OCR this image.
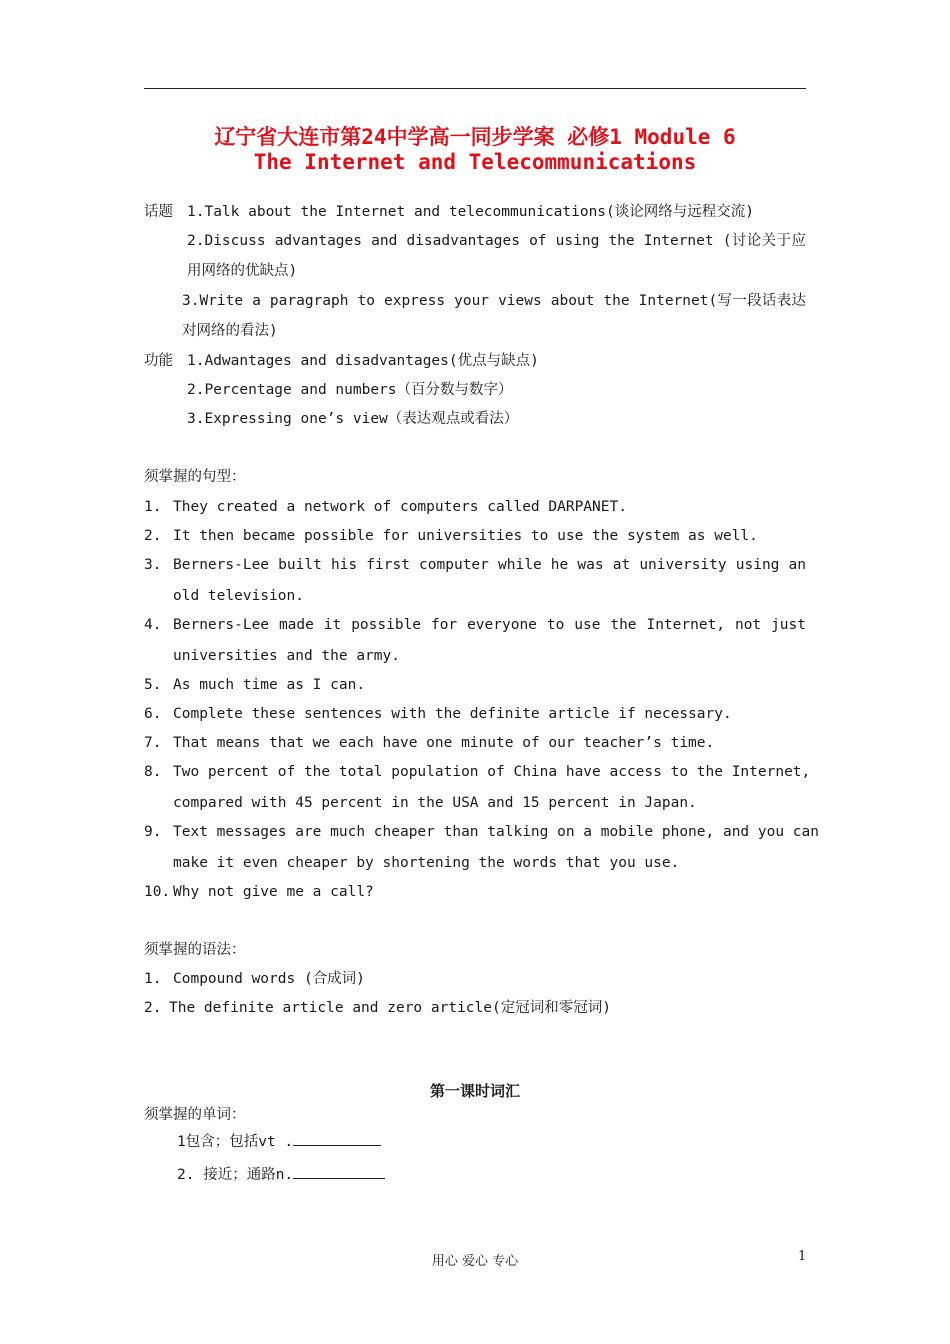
辽宁省大连市第24中学高一同步学案 必修1 Module 6
The Internet and Telecommunications
话题 1.Talk about the Internet and telecommunications(谈论网络与远程交流)
2.Discuss advantages and disadvantages of using the Internet (讨论关于应
用网络的优缺点)
3.Write a paragraph to express your views about the Internet(写一段话表达
对网络的看法)
功能 1.Adwantages and disadvantages(优点与缺点)
2.Percentage and numbers（百分数与数字）
3.Expressing one’s view（表达观点或看法）
须掌握的句型：
1. They created a network of computers called DARPANET.
2. It then became possible for universities to use the system as well.
3. Berners-Lee built his first computer while he was at university using an
old television.
4. Berners-Lee made it possible for everyone to use the Internet, not just
universities and the army.
5. As much time as I can.
6. Complete these sentences with the definite article if necessary.
7. That means that we each have one minute of our teacher’s time.
8. Two percent of the total population of China have access to the Internet,
compared with 45 percent in the USA and 15 percent in Japan.
9. Text messages are much cheaper than talking on a mobile phone, and you can
make it even cheaper by shortening the words that you use.
10. Why not give me a call?
须掌握的语法：
1. Compound words (合成词)
2. The definite article and zero article(定冠词和零冠词)
第一课时词汇
须掌握的单词：
1包含；包括vt .
2. 接近；通路n.
用心 爱心 专心	1
